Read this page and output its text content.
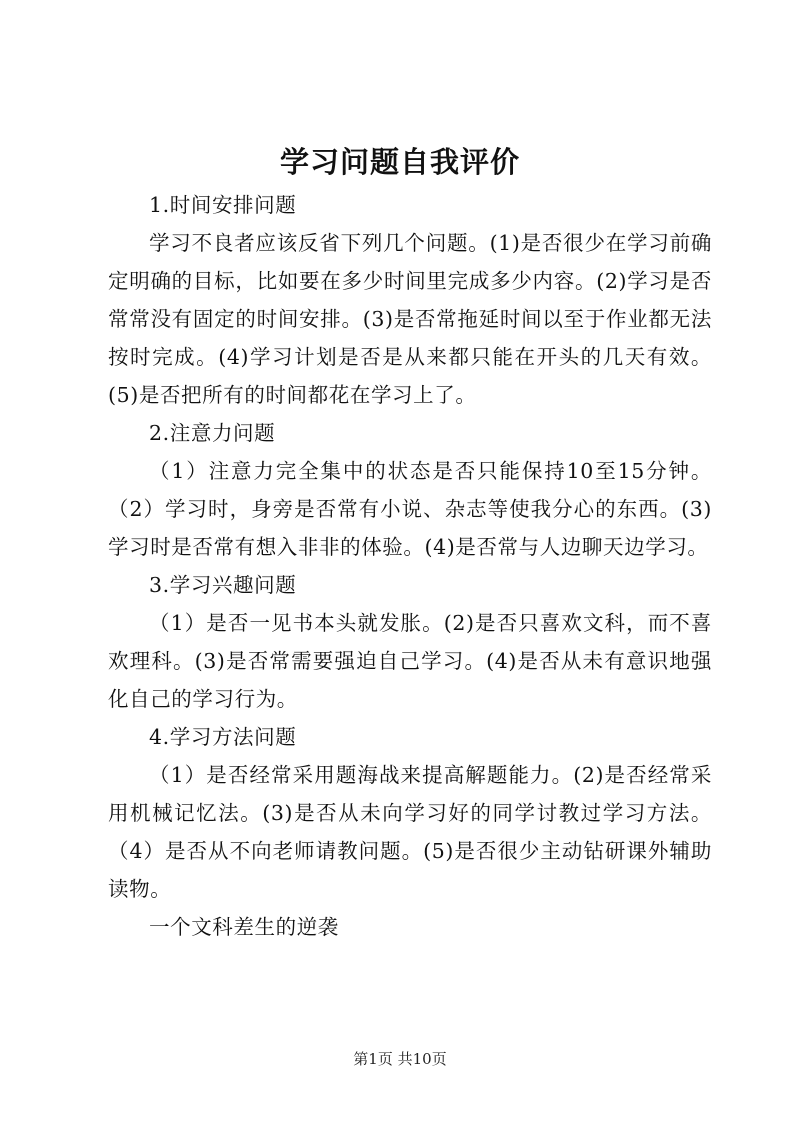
学习问题自我评价

1.时间安排问题

学习不良者应该反省下列几个问题。(1)是否很少在学习前确定明确的目标，比如要在多少时间里完成多少内容。(2)学习是否常常没有固定的时间安排。(3)是否常拖延时间以至于作业都无法按时完成。(4)学习计划是否是从来都只能在开头的几天有效。(5)是否把所有的时间都花在学习上了。

2.注意力问题

（1）注意力完全集中的状态是否只能保持10至15分钟。（2）学习时，身旁是否常有小说、杂志等使我分心的东西。(3)学习时是否常有想入非非的体验。(4)是否常与人边聊天边学习。

3.学习兴趣问题

（1）是否一见书本头就发胀。(2)是否只喜欢文科，而不喜欢理科。(3)是否常需要强迫自己学习。(4)是否从未有意识地强化自己的学习行为。

4.学习方法问题

（1）是否经常采用题海战来提高解题能力。(2)是否经常采用机械记忆法。(3)是否从未向学习好的同学讨教过学习方法。（4）是否从不向老师请教问题。(5)是否很少主动钻研课外辅助读物。

一个文科差生的逆袭

第1页 共10页
